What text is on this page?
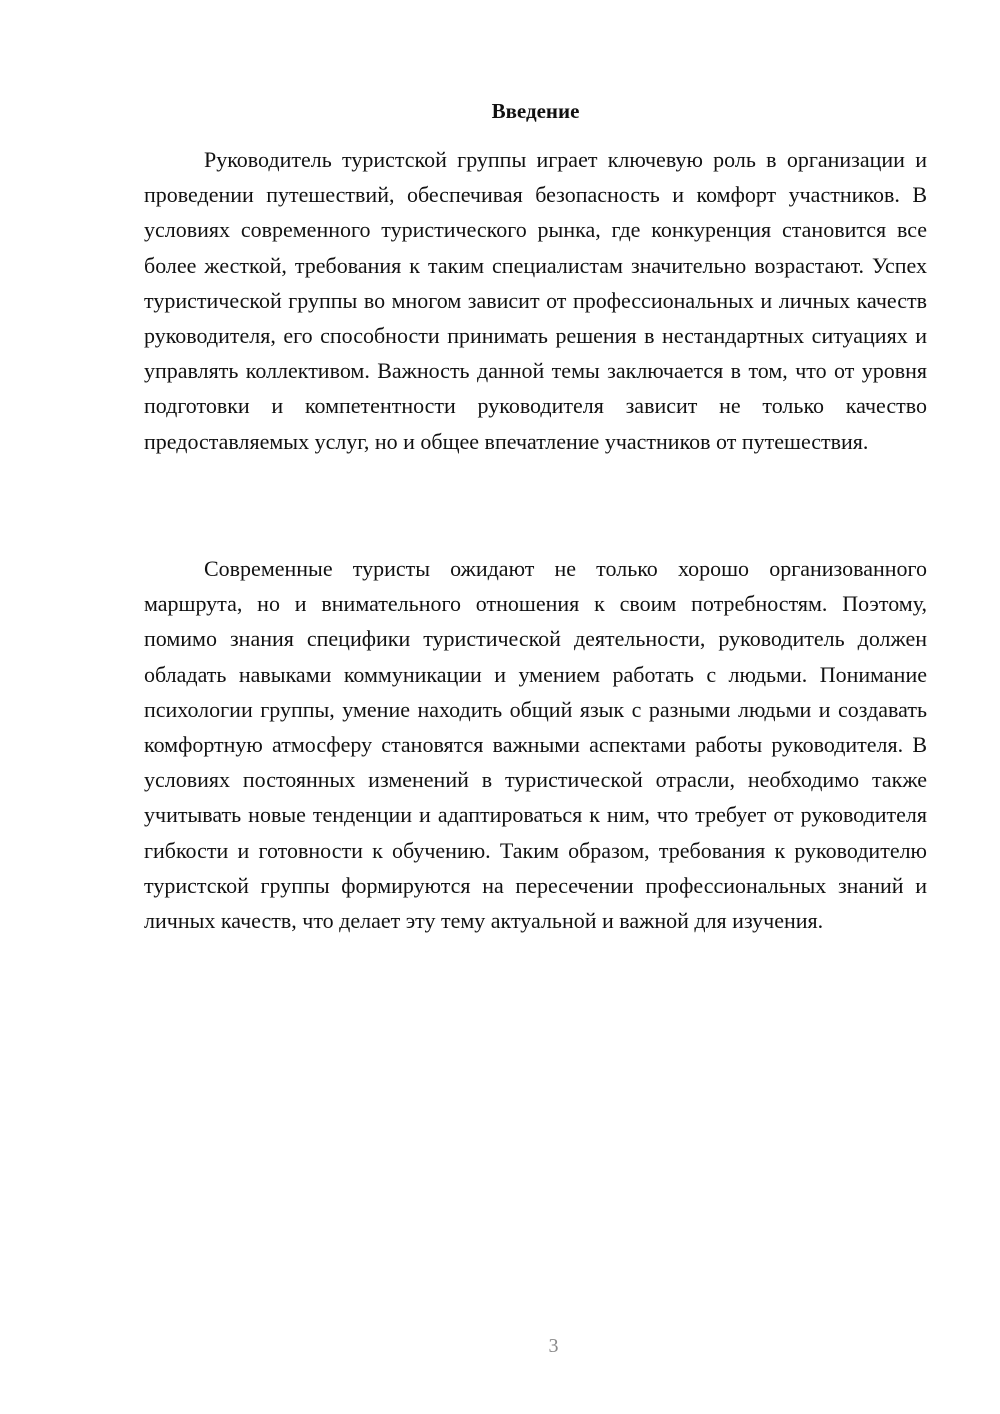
Введение

Руководитель туристской группы играет ключевую роль в организации и проведении путешествий, обеспечивая безопасность и комфорт участников. В условиях современного туристического рынка, где конкуренция становится все более жесткой, требования к таким специалистам значительно возрастают. Успех туристической группы во многом зависит от профессиональных и личных качеств руководителя, его способности принимать решения в нестандартных ситуациях и управлять коллективом. Важность данной темы заключается в том, что от уровня подготовки и компетентности руководителя зависит не только качество предоставляемых услуг, но и общее впечатление участников от путешествия.

Современные туристы ожидают не только хорошо организованного маршрута, но и внимательного отношения к своим потребностям. Поэтому, помимо знания специфики туристической деятельности, руководитель должен обладать навыками коммуникации и умением работать с людьми. Понимание психологии группы, умение находить общий язык с разными людьми и создавать комфортную атмосферу становятся важными аспектами работы руководителя. В условиях постоянных изменений в туристической отрасли, необходимо также учитывать новые тенденции и адаптироваться к ним, что требует от руководителя гибкости и готовности к обучению. Таким образом, требования к руководителю туристской группы формируются на пересечении профессиональных знаний и личных качеств, что делает эту тему актуальной и важной для изучения.

3
